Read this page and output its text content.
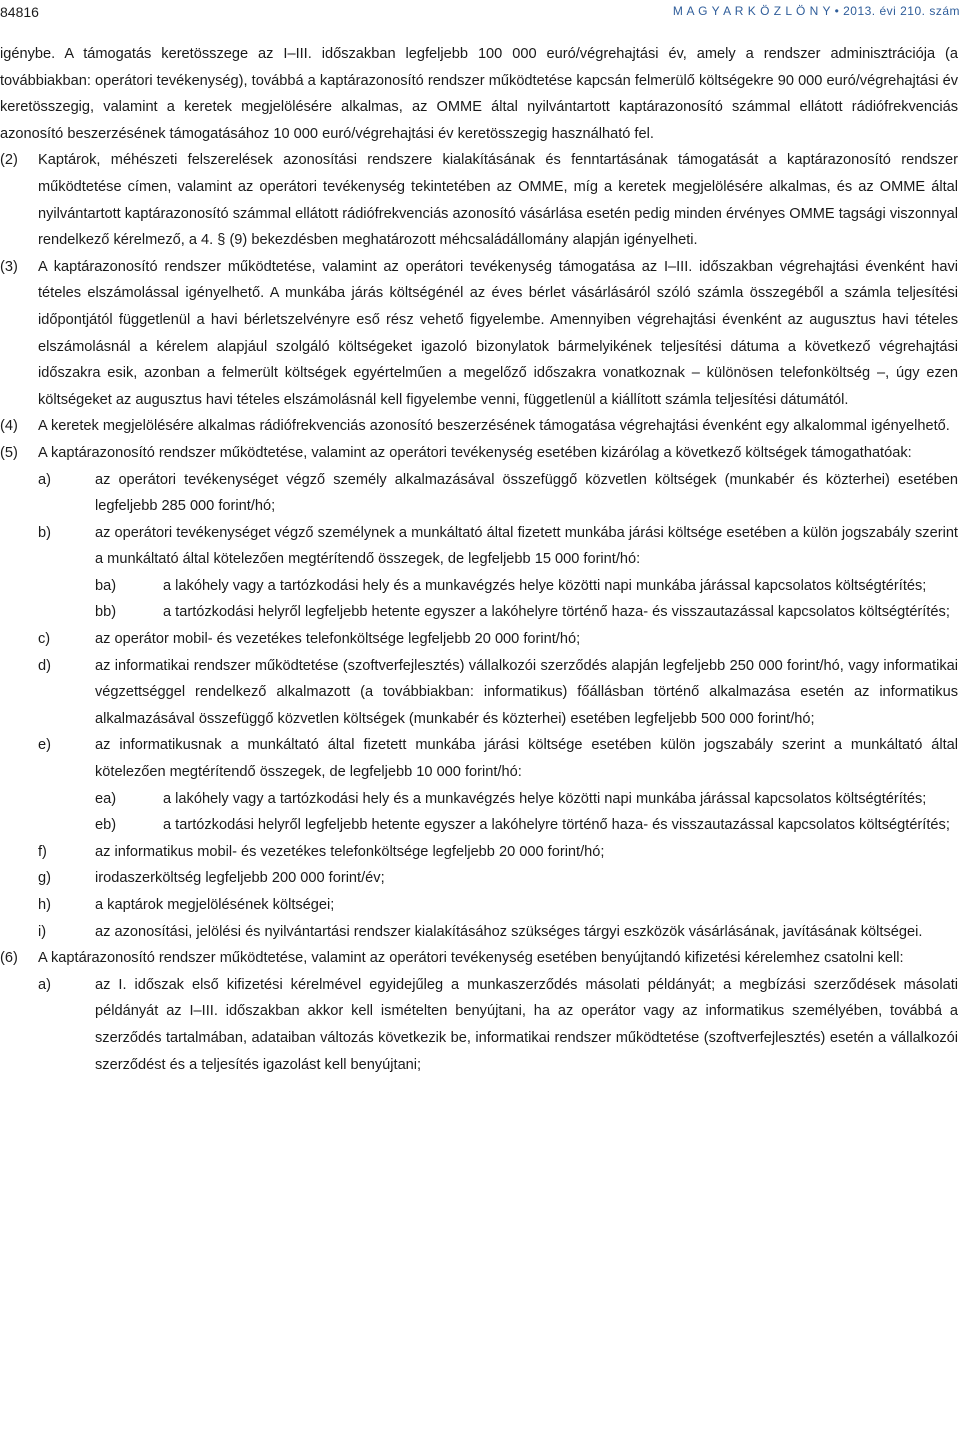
84816	M A G Y A R K Ö Z L Ö N Y • 2013. évi 210. szám

igénybe. A támogatás keretösszege az I–III. időszakban legfeljebb 100 000 euró/végrehajtási év, amely a rendszer adminisztrációja (a továbbiakban: operátori tevékenység), továbbá a kaptárazonosító rendszer működtetése kapcsán felmerülő költségekre 90 000 euró/végrehajtási év keretösszegig, valamint a keretek megjelölésére alkalmas, az OMME által nyilvántartott kaptárazonosító számmal ellátott rádiófrekvenciás azonosító beszerzésének támogatásához 10 000 euró/végrehajtási év keretösszegig használható fel.

(2)	Kaptárok, méhészeti felszerelések azonosítási rendszere kialakításának és fenntartásának támogatását a kaptárazonosító rendszer működtetése címen, valamint az operátori tevékenység tekintetében az OMME, míg a keretek megjelölésére alkalmas, és az OMME által nyilvántartott kaptárazonosító számmal ellátott rádiófrekvenciás azonosító vásárlása esetén pedig minden érvényes OMME tagsági viszonnyal rendelkező kérelmező, a 4. § (9) bekezdésben meghatározott méhcsaládállomány alapján igényelheti.
(3)	A kaptárazonosító rendszer működtetése, valamint az operátori tevékenység támogatása az I–III. időszakban végrehajtási évenként havi tételes elszámolással igényelhető. A munkába járás költségénél az éves bérlet vásárlásáról szóló számla összegéből a számla teljesítési időpontjától függetlenül a havi bérletszelvényre eső rész vehető figyelembe. Amennyiben végrehajtási évenként az augusztus havi tételes elszámolásnál a kérelem alapjául szolgáló költségeket igazoló bizonylatok bármelyikének teljesítési dátuma a következő végrehajtási időszakra esik, azonban a felmerült költségek egyértelműen a megelőző időszakra vonatkoznak – különösen telefonköltség –, úgy ezen költségeket az augusztus havi tételes elszámolásnál kell figyelembe venni, függetlenül a kiállított számla teljesítési dátumától.
(4)	A keretek megjelölésére alkalmas rádiófrekvenciás azonosító beszerzésének támogatása végrehajtási évenként egy alkalommal igényelhető.
(5)	A kaptárazonosító rendszer működtetése, valamint az operátori tevékenység esetében kizárólag a következő költségek támogathatóak:
a)	az operátori tevékenységet végző személy alkalmazásával összefüggő közvetlen költségek (munkabér és közterhei) esetében legfeljebb 285 000 forint/hó;
b)	az operátori tevékenységet végző személynek a munkáltató által fizetett munkába járási költsége esetében a külön jogszabály szerint a munkáltató által kötelezően megtérítendő összegek, de legfeljebb 15 000 forint/hó:
ba)	a lakóhely vagy a tartózkodási hely és a munkavégzés helye közötti napi munkába járással kapcsolatos költségtérítés;
bb)	a tartózkodási helyről legfeljebb hetente egyszer a lakóhelyre történő haza- és visszautazással kapcsolatos költségtérítés;
c)	az operátor mobil- és vezetékes telefonköltsége legfeljebb 20 000 forint/hó;
d)	az informatikai rendszer működtetése (szoftverfejlesztés) vállalkozói szerződés alapján legfeljebb 250 000 forint/hó, vagy informatikai végzettséggel rendelkező alkalmazott (a továbbiakban: informatikus) főállásban történő alkalmazása esetén az informatikus alkalmazásával összefüggő közvetlen költségek (munkabér és közterhei) esetében legfeljebb 500 000 forint/hó;
e)	az informatikusnak a munkáltató által fizetett munkába járási költsége esetében külön jogszabály szerint a munkáltató által kötelezően megtérítendő összegek, de legfeljebb 10 000 forint/hó:
ea)	a lakóhely vagy a tartózkodási hely és a munkavégzés helye közötti napi munkába járással kapcsolatos költségtérítés;
eb)	a tartózkodási helyről legfeljebb hetente egyszer a lakóhelyre történő haza- és visszautazással kapcsolatos költségtérítés;
f)	az informatikus mobil- és vezetékes telefonköltsége legfeljebb 20 000 forint/hó;
g)	irodaszerköltség legfeljebb 200 000 forint/év;
h)	a kaptárok megjelölésének költségei;
i)	az azonosítási, jelölési és nyilvántartási rendszer kialakításához szükséges tárgyi eszközök vásárlásának, javításának költségei.
(6)	A kaptárazonosító rendszer működtetése, valamint az operátori tevékenység esetében benyújtandó kifizetési kérelemhez csatolni kell:
a)	az I. időszak első kifizetési kérelmével egyidejűleg a munkaszerződés másolati példányát; a megbízási szerződések másolati példányát az I–III. időszakban akkor kell ismételten benyújtani, ha az operátor vagy az informatikus személyében, továbbá a szerződés tartalmában, adataiban változás következik be, informatikai rendszer működtetése (szoftverfejlesztés) esetén a vállalkozói szerződést és a teljesítés igazolást kell benyújtani;
